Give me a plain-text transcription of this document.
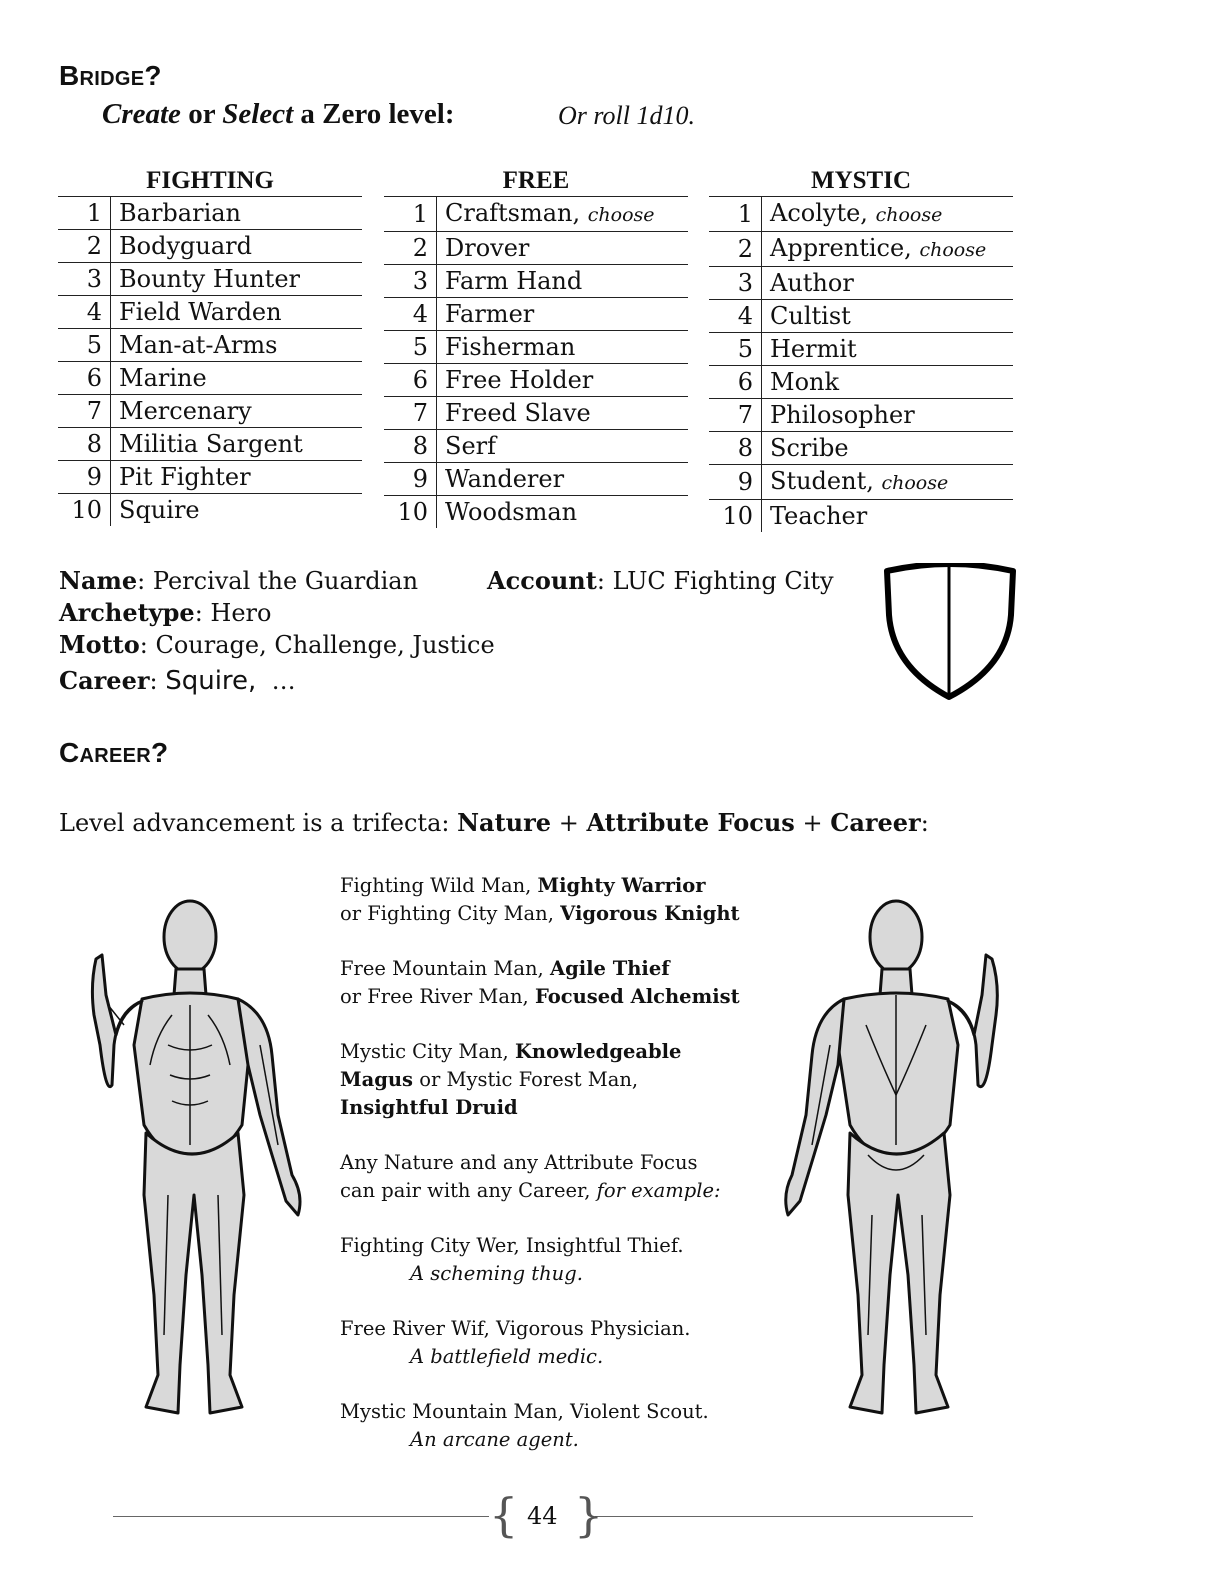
Bridge?
Create or Select a Zero level:	Or roll 1d10.
FIGHTING	
1	Barbarian
2	Bodyguard
3	Bounty Hunter
4	Field Warden
5	Man-at-Arms
6	Marine
7	Mercenary
8	Militia Sargent
9	Pit Fighter
10	Squire
FREE	
1	Craftsman, choose
2	Drover
3	Farm Hand
4	Farmer
5	Fisherman
6	Free Holder
7	Freed Slave
8	Serf
9	Wanderer
10	Woodsman
MYSTIC	
1	Acolyte, choose
2	Apprentice, choose
3	Author
4	Cultist
5	Hermit
6	Monk
7	Philosopher
8	Scribe
9	Student, choose
10	Teacher
Name: Percival the Guardian
Archetype: Hero
Motto: Courage, Challenge, Justice
Career: Squire, …
Account: LUC Fighting City
Career?
Level advancement is a trifecta: Nature + Attribute Focus + Career:

Fighting Wild Man, Mighty Warrior
or Fighting City Man, Vigorous Knight

Free Mountain Man, Agile Thief
or Free River Man, Focused Alchemist

Mystic City Man, Knowledgeable
Magus or Mystic Forest Man,
Insightful Druid

Any Nature and any Attribute Focus
can pair with any Career, for example:

Fighting City Wer, Insightful Thief.
A scheming thug.

Free River Wif, Vigorous Physician.
A battlefield medic.

Mystic Mountain Man, Violent Scout.
An arcane agent.

{ }
44
